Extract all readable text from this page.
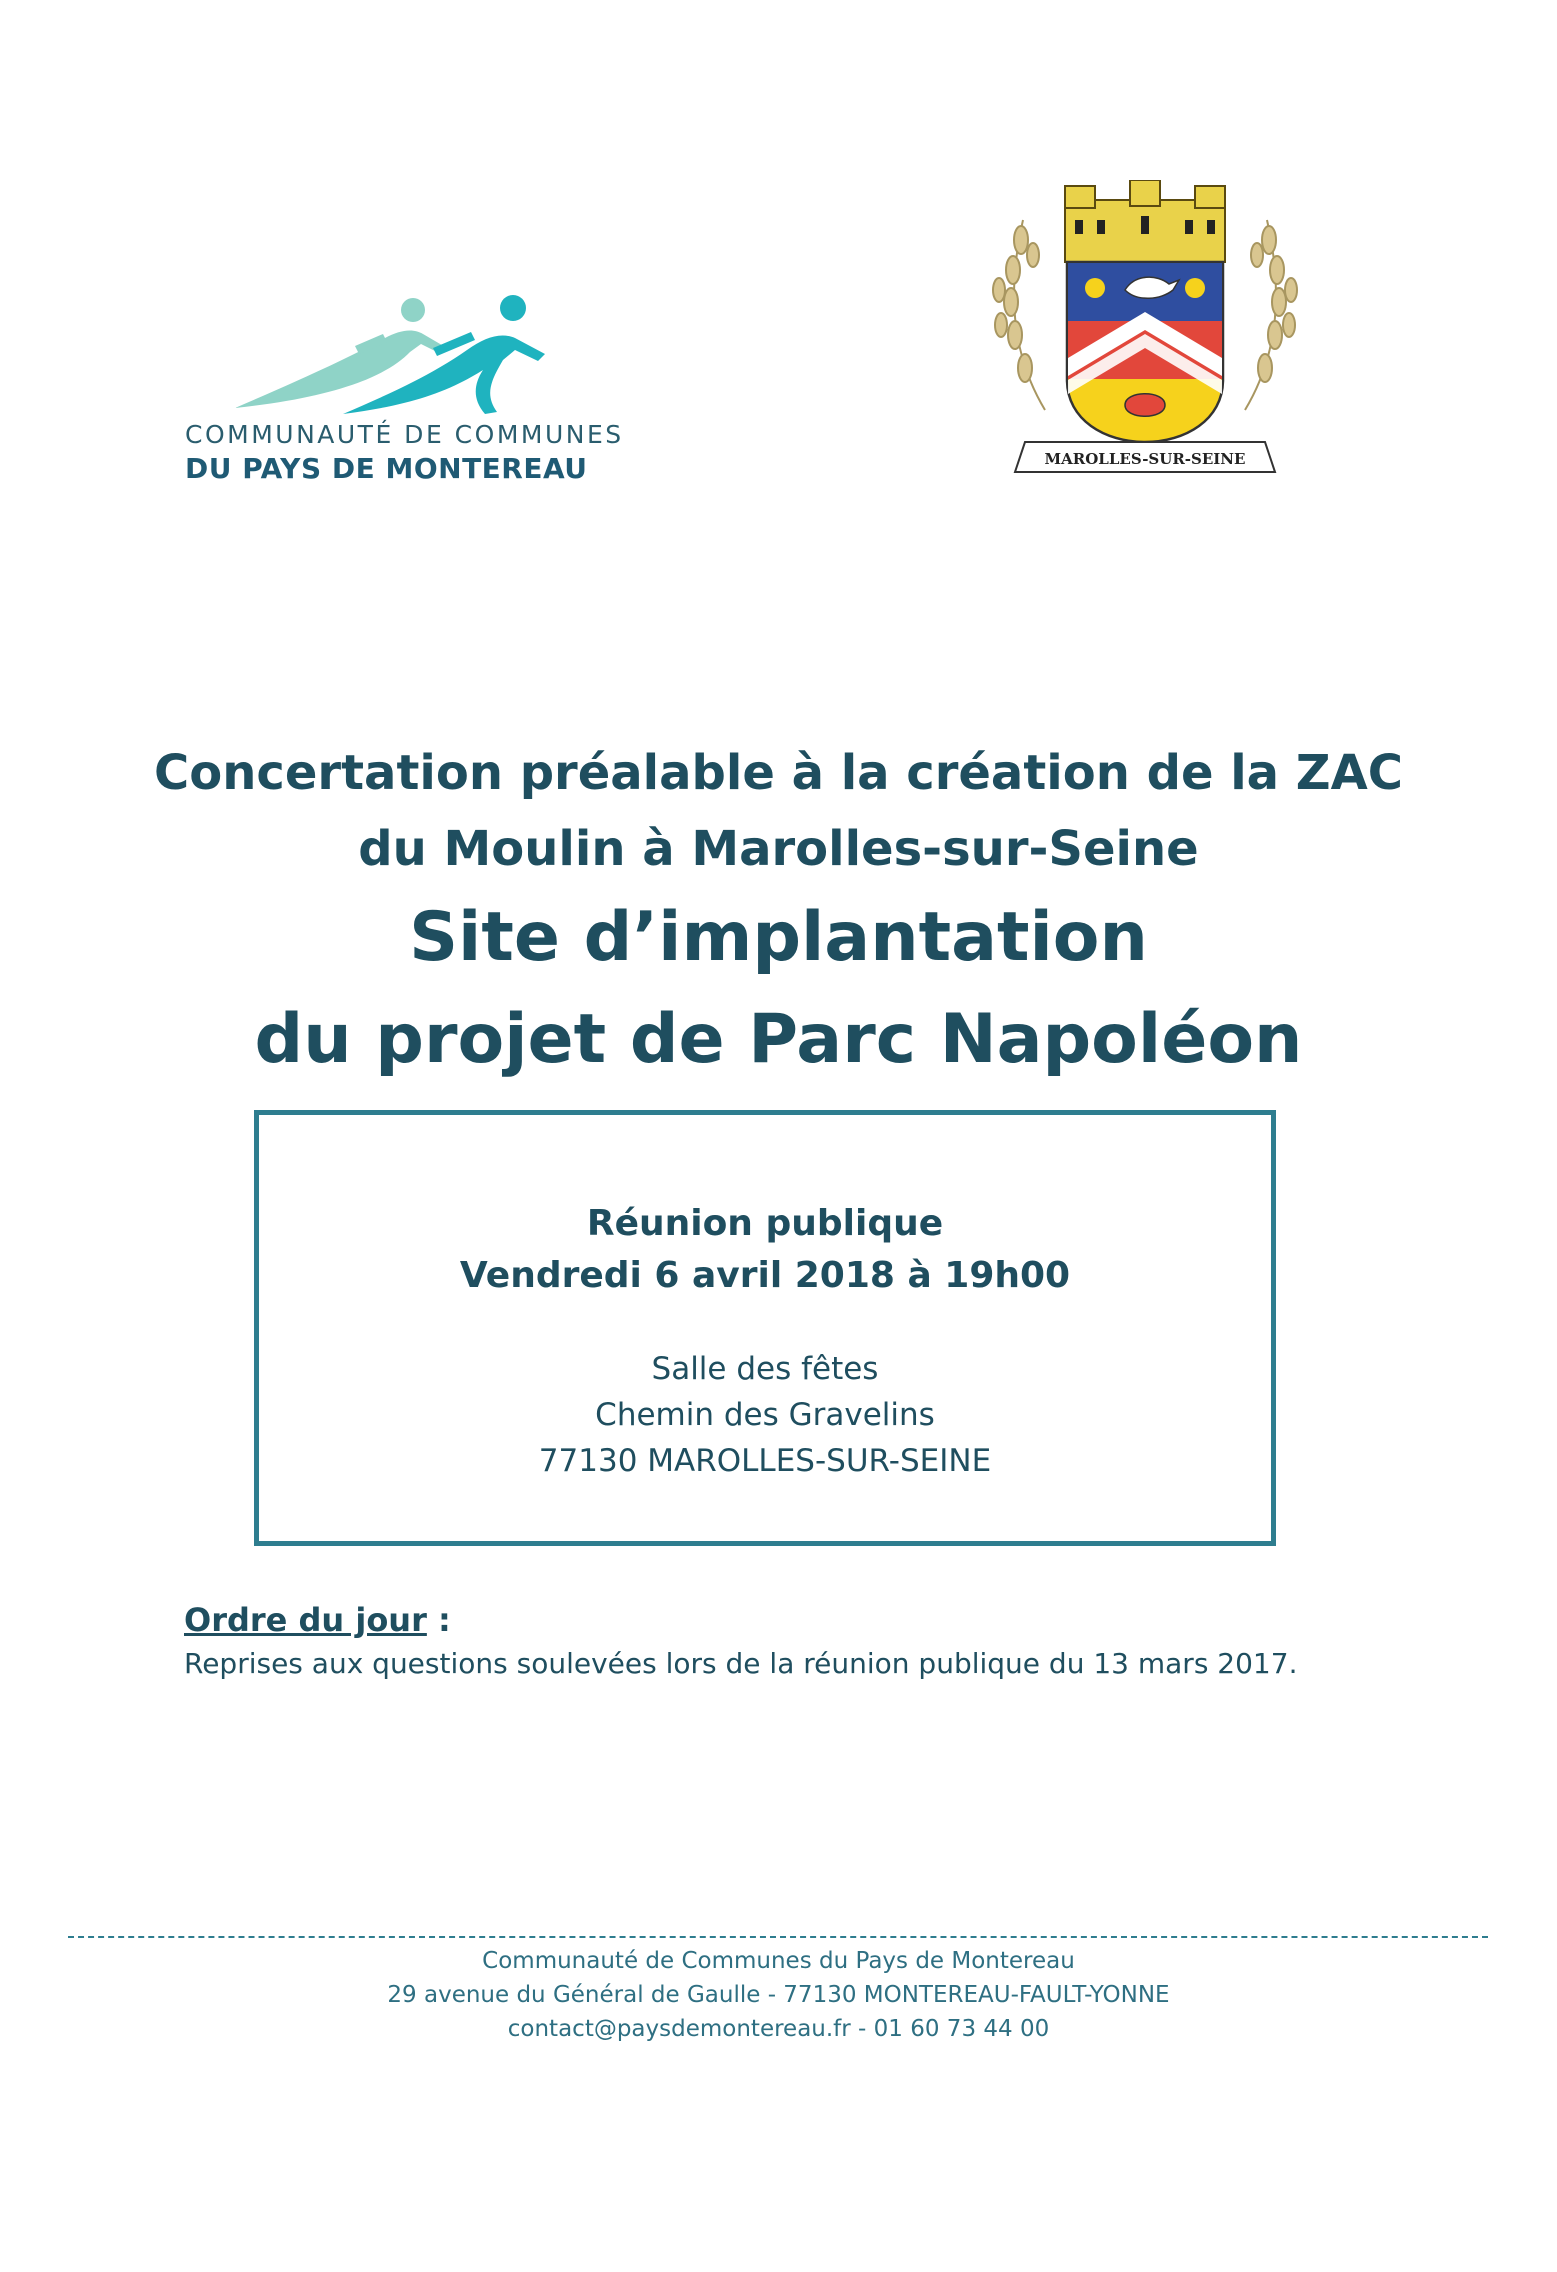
COMMUNAUTÉ DE COMMUNES
DU PAYS DE MONTEREAU	MAROLLES-SUR-SEINE

Concertation préalable à la création de la ZAC

du Moulin à Marolles-sur-Seine

Site d’implantation

du projet de Parc Napoléon

Réunion publique
Vendredi 6 avril 2018 à 19h00
Salle des fêtes
Chemin des Gravelins
77130 MAROLLES-SUR-SEINE

Ordre du jour :

Reprises aux questions soulevées lors de la réunion publique du 13 mars 2017.

Communauté de Communes du Pays de Montereau

29 avenue du Général de Gaulle - 77130 MONTEREAU-FAULT-YONNE

contact@paysdemontereau.fr - 01 60 73 44 00
